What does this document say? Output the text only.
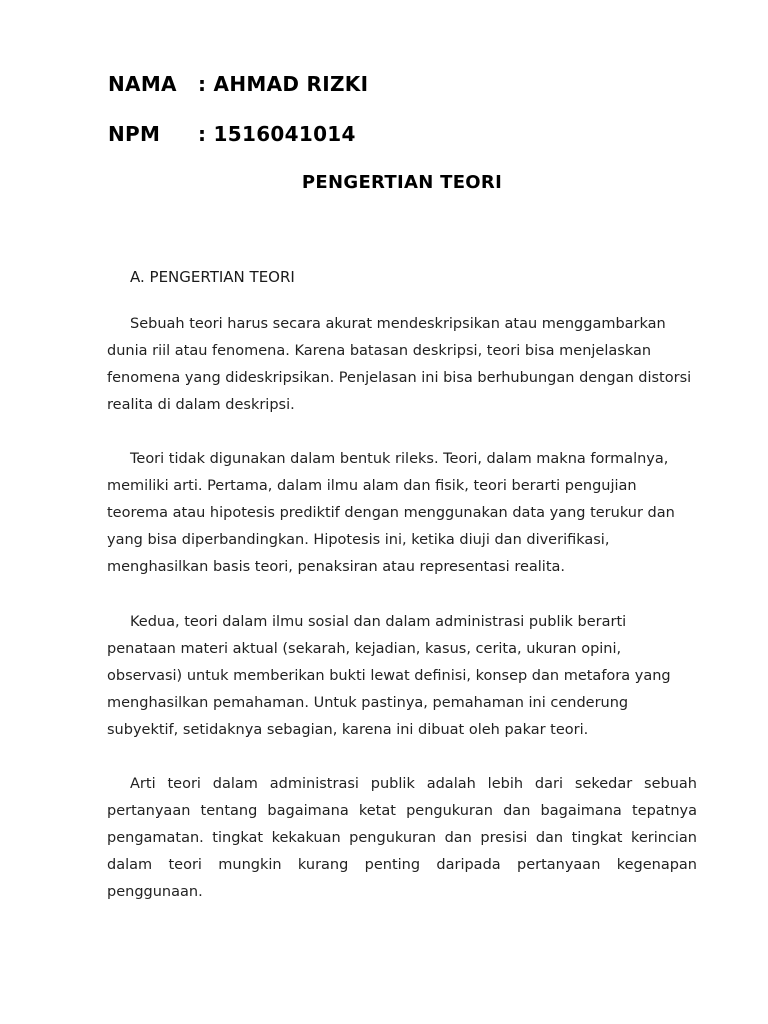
NAMA : AHMAD RIZKI
NPM : 1516041014
PENGERTIAN TEORI
A. PENGERTIAN TEORI

Sebuah teori harus secara akurat mendeskripsikan atau menggambarkan dunia riil atau fenomena. Karena batasan deskripsi, teori bisa menjelaskan fenomena yang dideskripsikan. Penjelasan ini bisa berhubungan dengan distorsi realita di dalam deskripsi.

Teori tidak digunakan dalam bentuk rileks. Teori, dalam makna formalnya, memiliki arti. Pertama, dalam ilmu alam dan fisik, teori berarti pengujian teorema atau hipotesis prediktif dengan menggunakan data yang terukur dan yang bisa diperbandingkan. Hipotesis ini, ketika diuji dan diverifikasi, menghasilkan basis teori, penaksiran atau representasi realita.

Kedua, teori dalam ilmu sosial dan dalam administrasi publik berarti penataan materi aktual (sekarah, kejadian, kasus, cerita, ukuran opini, observasi) untuk memberikan bukti lewat definisi, konsep dan metafora yang menghasilkan pemahaman. Untuk pastinya, pemahaman ini cenderung subyektif, setidaknya sebagian, karena ini dibuat oleh pakar teori.

Arti teori dalam administrasi publik adalah lebih dari sekedar sebuah pertanyaan tentang bagaimana ketat pengukuran dan bagaimana tepatnya pengamatan. tingkat kekakuan pengukuran dan presisi dan tingkat kerincian dalam teori mungkin kurang penting daripada pertanyaan kegenapan penggunaan.
